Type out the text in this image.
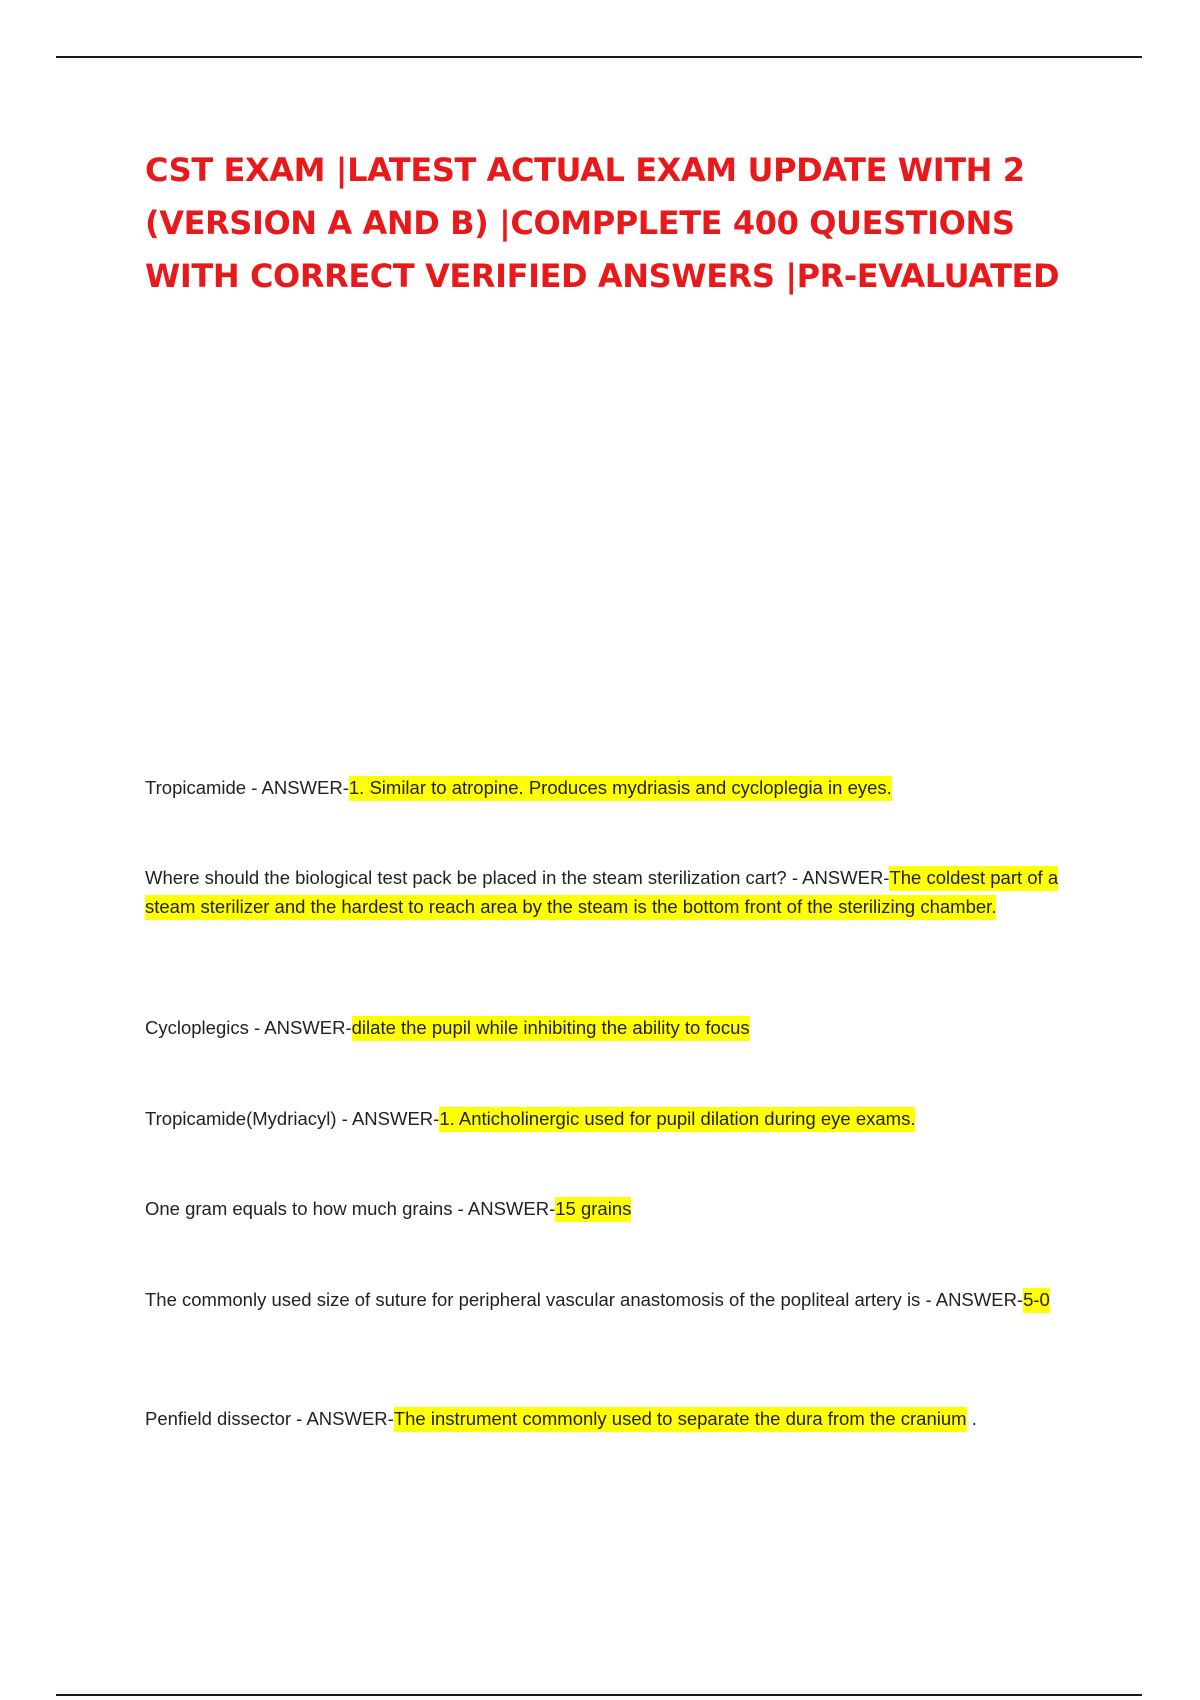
CST EXAM |LATEST ACTUAL EXAM UPDATE WITH 2 (VERSION A AND B) |COMPPLETE 400 QUESTIONS WITH CORRECT VERIFIED ANSWERS |PR-EVALUATED

Tropicamide - ANSWER-1. Similar to atropine. Produces mydriasis and cycloplegia in eyes.

Where should the biological test pack be placed in the steam sterilization cart? - ANSWER-The coldest part of a steam sterilizer and the hardest to reach area by the steam is the bottom front of the sterilizing chamber.

Cycloplegics - ANSWER-dilate the pupil while inhibiting the ability to focus

Tropicamide(Mydriacyl) - ANSWER-1. Anticholinergic used for pupil dilation during eye exams.

One gram equals to how much grains - ANSWER-15 grains

The commonly used size of suture for peripheral vascular anastomosis of the popliteal artery is - ANSWER-5-0

Penfield dissector - ANSWER-The instrument commonly used to separate the dura from the cranium .
